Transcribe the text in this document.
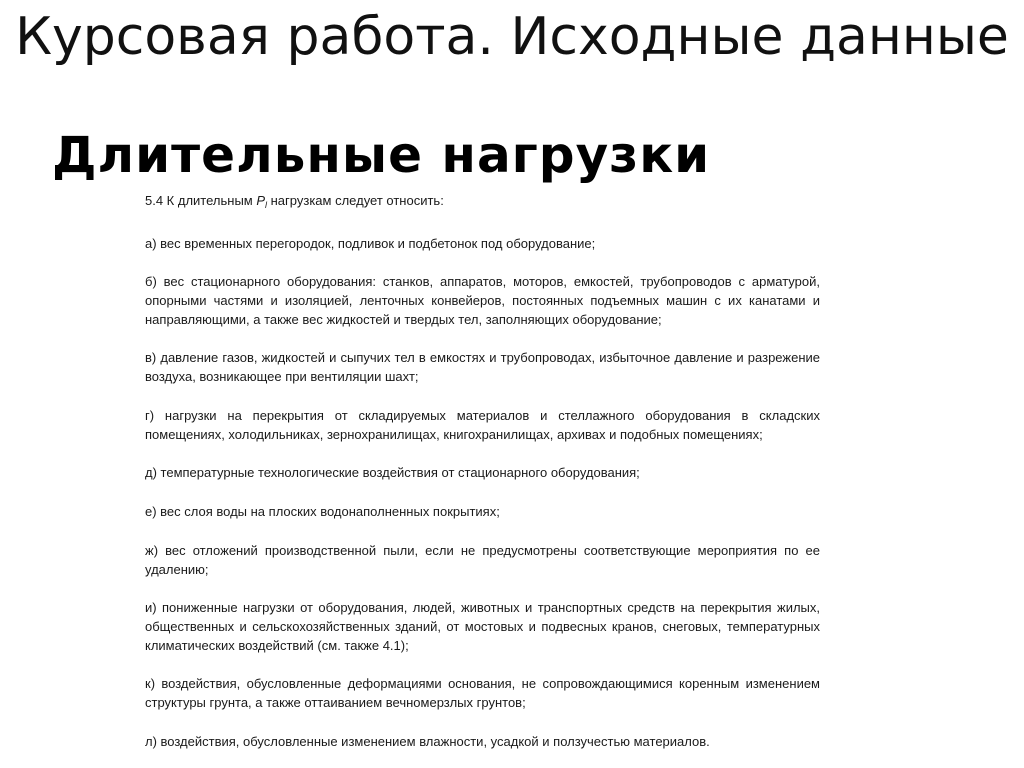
Курсовая работа. Исходные данные
Длительные нагрузки

5.4 К длительным $P_l$ нагрузкам следует относить:

а) вес временных перегородок, подливок и подбетонок под оборудование;

б) вес стационарного оборудования: станков, аппаратов, моторов, емкостей, трубопроводов с арматурой, опорными частями и изоляцией, ленточных конвейеров, постоянных подъемных машин с их канатами и направляющими, а также вес жидкостей и твердых тел, заполняющих оборудование;

в) давление газов, жидкостей и сыпучих тел в емкостях и трубопроводах, избыточное давление и разрежение воздуха, возникающее при вентиляции шахт;

г) нагрузки на перекрытия от складируемых материалов и стеллажного оборудования в складских помещениях, холодильниках, зернохранилищах, книгохранилищах, архивах и подобных помещениях;

д) температурные технологические воздействия от стационарного оборудования;

е) вес слоя воды на плоских водонаполненных покрытиях;

ж) вес отложений производственной пыли, если не предусмотрены соответствующие мероприятия по ее удалению;

и) пониженные нагрузки от оборудования, людей, животных и транспортных средств на перекрытия жилых, общественных и сельскохозяйственных зданий, от мостовых и подвесных кранов, снеговых, температурных климатических воздействий (см. также 4.1);

к) воздействия, обусловленные деформациями основания, не сопровождающимися коренным изменением структуры грунта, а также оттаиванием вечномерзлых грунтов;

л) воздействия, обусловленные изменением влажности, усадкой и ползучестью материалов.
